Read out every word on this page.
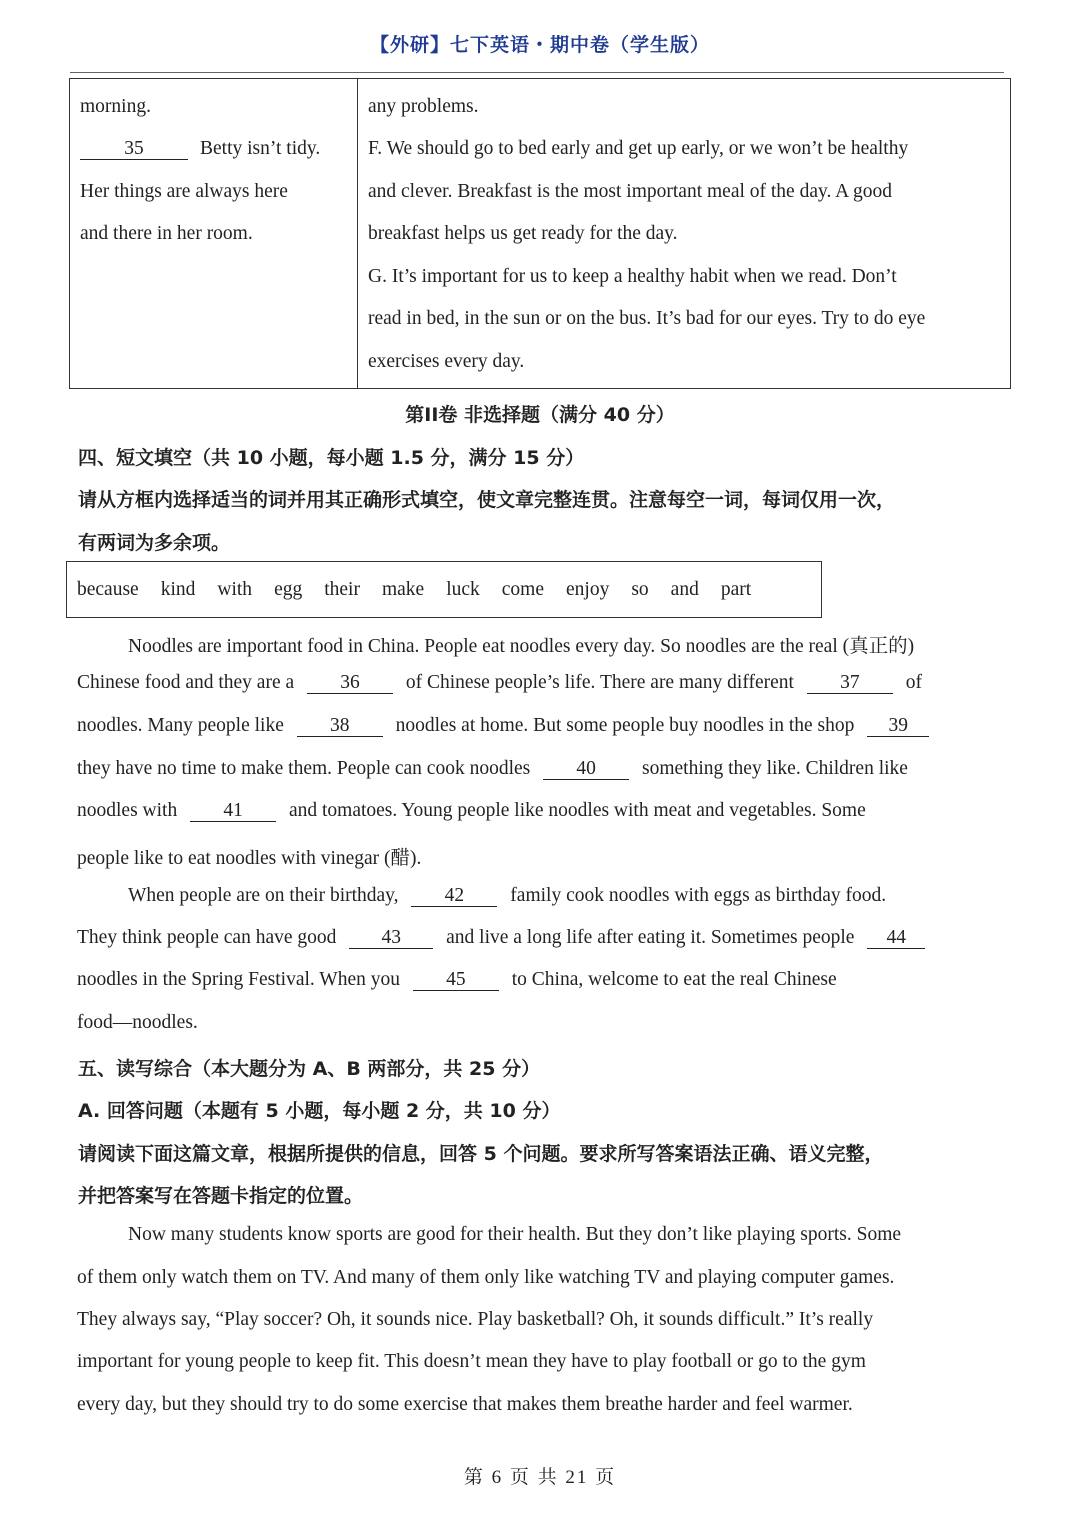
【外研】七下英语・期中卷（学生版）
morning.
35	Betty isn’t tidy.
Her things are always here
and there in her room.
any problems.
F. We should go to bed early and get up early, or we won’t be healthy
and clever. Breakfast is the most important meal of the day. A good
breakfast helps us get ready for the day.
G. It’s important for us to keep a healthy habit when we read. Don’t
read in bed, in the sun or on the bus. It’s bad for our eyes. Try to do eye
exercises every day.
第II卷 非选择题（满分 40 分）
四、短文填空（共 10 小题，每小题 1.5 分，满分 15 分）
请从方框内选择适当的词并用其正确形式填空，使文章完整连贯。注意每空一词，每词仅用一次，
有两词为多余项。
because kind with egg their make luck come enjoy so and part
Noodles are important food in China. People eat noodles every day. So noodles are the real (真正的)
Chinese food and they are a 36 of Chinese people’s life. There are many different 37 of
noodles. Many people like 38 noodles at home. But some people buy noodles in the shop 39
they have no time to make them. People can cook noodles 40 something they like. Children like
noodles with 41 and tomatoes. Young people like noodles with meat and vegetables. Some
people like to eat noodles with vinegar (醋).
When people are on their birthday, 42 family cook noodles with eggs as birthday food.
They think people can have good 43 and live a long life after eating it. Sometimes people 44
noodles in the Spring Festival. When you 45 to China, welcome to eat the real Chinese
food—noodles.
五、读写综合（本大题分为 A、B 两部分，共 25 分）
A. 回答问题（本题有 5 小题，每小题 2 分，共 10 分）
请阅读下面这篇文章，根据所提供的信息，回答 5 个问题。要求所写答案语法正确、语义完整，
并把答案写在答题卡指定的位置。
Now many students know sports are good for their health. But they don’t like playing sports. Some
of them only watch them on TV. And many of them only like watching TV and playing computer games.
They always say, “Play soccer? Oh, it sounds nice. Play basketball? Oh, it sounds difficult.” It’s really
important for young people to keep fit. This doesn’t mean they have to play football or go to the gym
every day, but they should try to do some exercise that makes them breathe harder and feel warmer.
第 6 页 共 21 页
